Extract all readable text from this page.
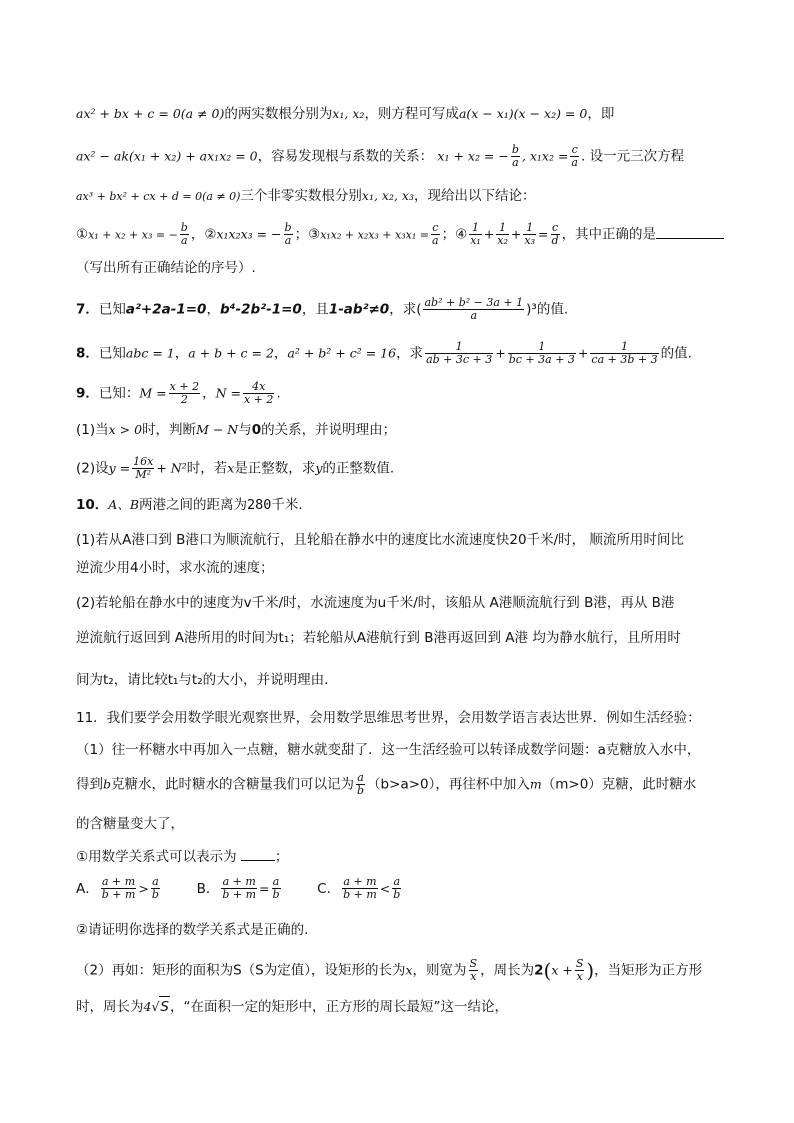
ax² + bx + c = 0(a ≠ 0)的两实数根分别为x₁, x₂，则方程可写成a(x − x₁)(x − x₂) = 0，即
ax² − ak(x₁ + x₂) + ax₁x₂ = 0，容易发现根与系数的关系： x₁ + x₂ = − $\frac{b}{a}$ , $x_1x_2 = \frac{c}{a}$ . 设一元三次方程
ax³ + bx² + cx + d = 0(a ≠ 0)三个非零实数根分别x₁, x₂, x₃，现给出以下结论：
①x₁ + x₂ + x₃ = − $\frac{b}{a}$ ，②x₁x₂x₃ = − $\frac{b}{a}$ ；③x₁x₂ + $x_2x_3 + x_3x_1 = \frac{c}{a}$ ；④ $\frac{1}{\text{x₁}} + \frac{1}{\text{x₂}} + \frac{1}{\text{x₃}} = \frac{c}{d}$ ，其中正确的是
（写出所有正确结论的序号）.
7．已知a²+2a-1=0，b⁴-2b²-1=0，且1-ab²≠0，求( $\frac{\text{ab² + b² − 3a + 1}}{a} )^3$的值.
8．已知abc = 1，a + b + c = 2，a² + b² + c² = 16，求 $\frac{1}{ab + 3c + 3} + \frac{1}{bc + 3a + 3} + \frac{1}{ca + 3b + 3}$ 的值.
9．已知：$M = \frac{x + 2}{2}$ ，$N = \frac{4x}{x + 2}$ .
(1)当x > 0时，判断M − N与0的关系，并说明理由；
(2)设$y = \frac{16x}{\text{M²}} + N^2$时，若x是正整数，求y的正整数值.
10．A、B两港之间的距离为280千米.
(1)若从A港口到 B港口为顺流航行，且轮船在静水中的速度比水流速度快20千米/时， 顺流所用时间比
逆流少用4小时，求水流的速度；
(2)若轮船在静水中的速度为v千米/时，水流速度为u千米/时，该船从 A港顺流航行到 B港，再从 B港
逆流航行返回到 A港所用的时间为t₁；若轮船从A港航行到 B港再返回到 A港 均为静水航行，且所用时
间为t₂，请比较t₁与t₂的大小，并说明理由.
11．我们要学会用数学眼光观察世界，会用数学思维思考世界，会用数学语言表达世界．例如生活经验：
（1）往一杯糖水中再加入一点糖，糖水就变甜了．这一生活经验可以转译成数学问题：a克糖放入水中，
得到b克糖水，此时糖水的含糖量我们可以记为 $\frac{a}{b} (b>a>0)$，再往杯中加入m（m>0）克糖，此时糖水
的含糖量变大了，
①用数学关系式可以表示为	；
A． $\frac{a + m}{b + m} > \frac{a}{b}$	B． $\frac{a + m}{b + m} = \frac{a}{b}$	C． $\frac{a + m}{b + m} < \frac{a}{b}$
②请证明你选择的数学关系式是正确的.
（2）再如：矩形的面积为S（S为定值），设矩形的长为x，则宽为 $\frac{S}{x}$ ，周长为$2(x + \frac{S}{x}$ )，当矩形为正方形
时，周长为4√S，“在面积一定的矩形中，正方形的周长最短”这一结论，
